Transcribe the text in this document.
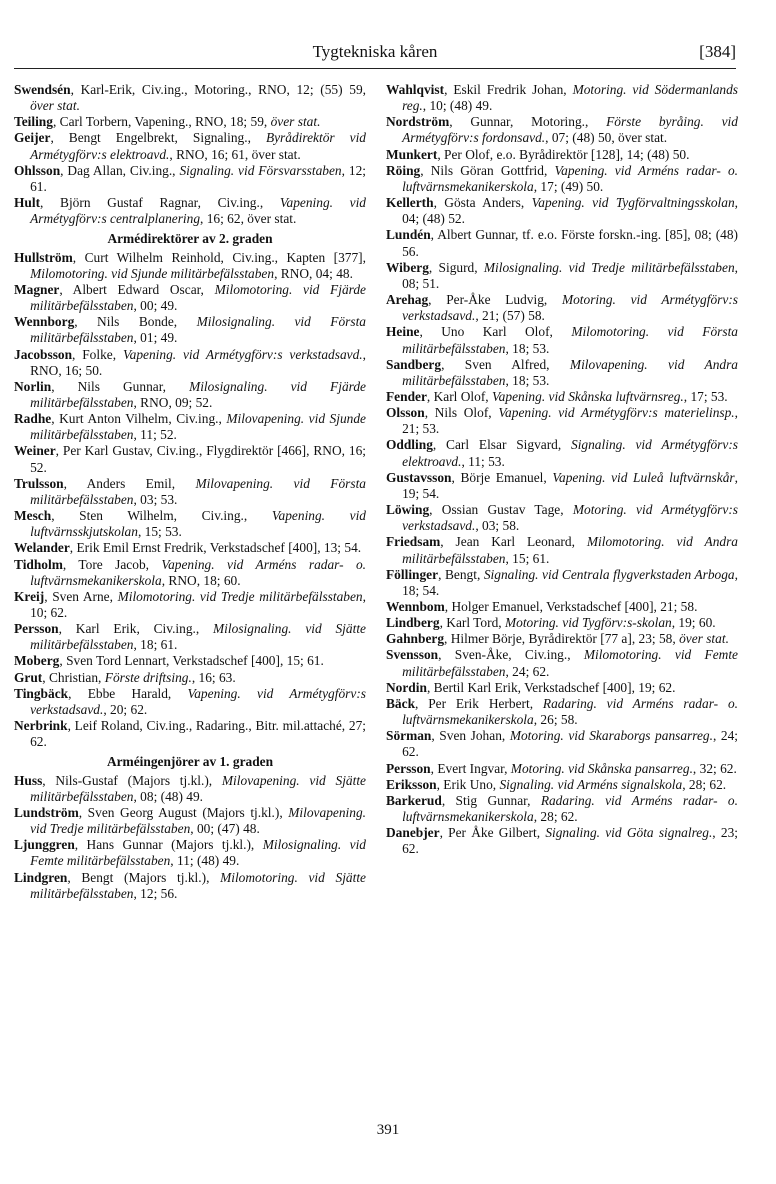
Tygtekniska kåren	[384]
Swendsén, Karl-Erik, Civ.ing., Motoring., RNO, 12; (55) 59, över stat.
Teiling, Carl Torbern, Vapening., RNO, 18; 59, över stat.
Geijer, Bengt Engelbrekt, Signaling., Byrådirektör vid Armétygförv:s elektroavd., RNO, 16; 61, över stat.
Ohlsson, Dag Allan, Civ.ing., Signaling. vid Försvarsstaben, 12; 61.
Hult, Björn Gustaf Ragnar, Civ.ing., Vapening. vid Armétygförv:s centralplanering, 16; 62, över stat.
Armédirektörer av 2. graden
Hullström, Curt Wilhelm Reinhold, Civ.ing., Kapten [377], Milomotoring. vid Sjunde militärbefälsstaben, RNO, 04; 48.
Magner, Albert Edward Oscar, Milomotoring. vid Fjärde militärbefälsstaben, 00; 49.
Wennborg, Nils Bonde, Milosignaling. vid Första militärbefälsstaben, 01; 49.
Jacobsson, Folke, Vapening. vid Armétygförv:s verkstadsavd., RNO, 16; 50.
Norlin, Nils Gunnar, Milosignaling. vid Fjärde militärbefälsstaben, RNO, 09; 52.
Radhe, Kurt Anton Vilhelm, Civ.ing., Milovapening. vid Sjunde militärbefälsstaben, 11; 52.
Weiner, Per Karl Gustav, Civ.ing., Flygdirektör [466], RNO, 16; 52.
Trulsson, Anders Emil, Milovapening. vid Första militärbefälsstaben, 03; 53.
Mesch, Sten Wilhelm, Civ.ing., Vapening. vid luftvärnsskjutskolan, 15; 53.
Welander, Erik Emil Ernst Fredrik, Verkstadschef [400], 13; 54.
Tidholm, Tore Jacob, Vapening. vid Arméns radar- o. luftvärnsmekanikerskola, RNO, 18; 60.
Kreij, Sven Arne, Milomotoring. vid Tredje militärbefälsstaben, 10; 62.
Persson, Karl Erik, Civ.ing., Milosignaling. vid Sjätte militärbefälsstaben, 18; 61.
Moberg, Sven Tord Lennart, Verkstadschef [400], 15; 61.
Grut, Christian, Förste driftsing., 16; 63.
Tingbäck, Ebbe Harald, Vapening. vid Armétygförv:s verkstadsavd., 20; 62.
Nerbrink, Leif Roland, Civ.ing., Radaring., Bitr. mil.attaché, 27; 62.
Arméingenjörer av 1. graden
Huss, Nils-Gustaf (Majors tj.kl.), Milovapening. vid Sjätte militärbefälsstaben, 08; (48) 49.
Lundström, Sven Georg August (Majors tj.kl.), Milovapening. vid Tredje militärbefälsstaben, 00; (47) 48.
Ljunggren, Hans Gunnar (Majors tj.kl.), Milosignaling. vid Femte militärbefälsstaben, 11; (48) 49.
Lindgren, Bengt (Majors tj.kl.), Milomotoring. vid Sjätte militärbefälsstaben, 12; 56.
Wahlqvist, Eskil Fredrik Johan, Motoring. vid Södermanlands reg., 10; (48) 49.
Nordström, Gunnar, Motoring., Förste byråing. vid Armétygförv:s fordonsavd., 07; (48) 50, över stat.
Munkert, Per Olof, e.o. Byrådirektör [128], 14; (48) 50.
Röing, Nils Göran Gottfrid, Vapening. vid Arméns radar- o. luftvärnsmekanikerskola, 17; (49) 50.
Kellerth, Gösta Anders, Vapening. vid Tygförvaltningsskolan, 04; (48) 52.
Lundén, Albert Gunnar, tf. e.o. Förste forskn.-ing. [85], 08; (48) 56.
Wiberg, Sigurd, Milosignaling. vid Tredje militärbefälsstaben, 08; 51.
Arehag, Per-Åke Ludvig, Motoring. vid Armétygförv:s verkstadsavd., 21; (57) 58.
Heine, Uno Karl Olof, Milomotoring. vid Första militärbefälsstaben, 18; 53.
Sandberg, Sven Alfred, Milovapening. vid Andra militärbefälsstaben, 18; 53.
Fender, Karl Olof, Vapening. vid Skånska luftvärnsreg., 17; 53.
Olsson, Nils Olof, Vapening. vid Armétygförv:s materielinsp., 21; 53.
Oddling, Carl Elsar Sigvard, Signaling. vid Armétygförv:s elektroavd., 11; 53.
Gustavsson, Börje Emanuel, Vapening. vid Luleå luftvärnskår, 19; 54.
Löwing, Ossian Gustav Tage, Motoring. vid Armétygförv:s verkstadsavd., 03; 58.
Friedsam, Jean Karl Leonard, Milomotoring. vid Andra militärbefälsstaben, 15; 61.
Föllinger, Bengt, Signaling. vid Centrala flygverkstaden Arboga, 18; 54.
Wennbom, Holger Emanuel, Verkstadschef [400], 21; 58.
Lindberg, Karl Tord, Motoring. vid Tygförv:s-skolan, 19; 60.
Gahnberg, Hilmer Börje, Byrådirektör [77 a], 23; 58, över stat.
Svensson, Sven-Åke, Civ.ing., Milomotoring. vid Femte militärbefälsstaben, 24; 62.
Nordin, Bertil Karl Erik, Verkstadschef [400], 19; 62.
Bäck, Per Erik Herbert, Radaring. vid Arméns radar- o. luftvärnsmekanikerskola, 26; 58.
Sörman, Sven Johan, Motoring. vid Skaraborgs pansarreg., 24; 62.
Persson, Evert Ingvar, Motoring. vid Skånska pansarreg., 32; 62.
Eriksson, Erik Uno, Signaling. vid Arméns signalskola, 28; 62.
Barkerud, Stig Gunnar, Radaring. vid Arméns radar- o. luftvärnsmekanikerskola, 28; 62.
Danebjer, Per Åke Gilbert, Signaling. vid Göta signalreg., 23; 62.
391
